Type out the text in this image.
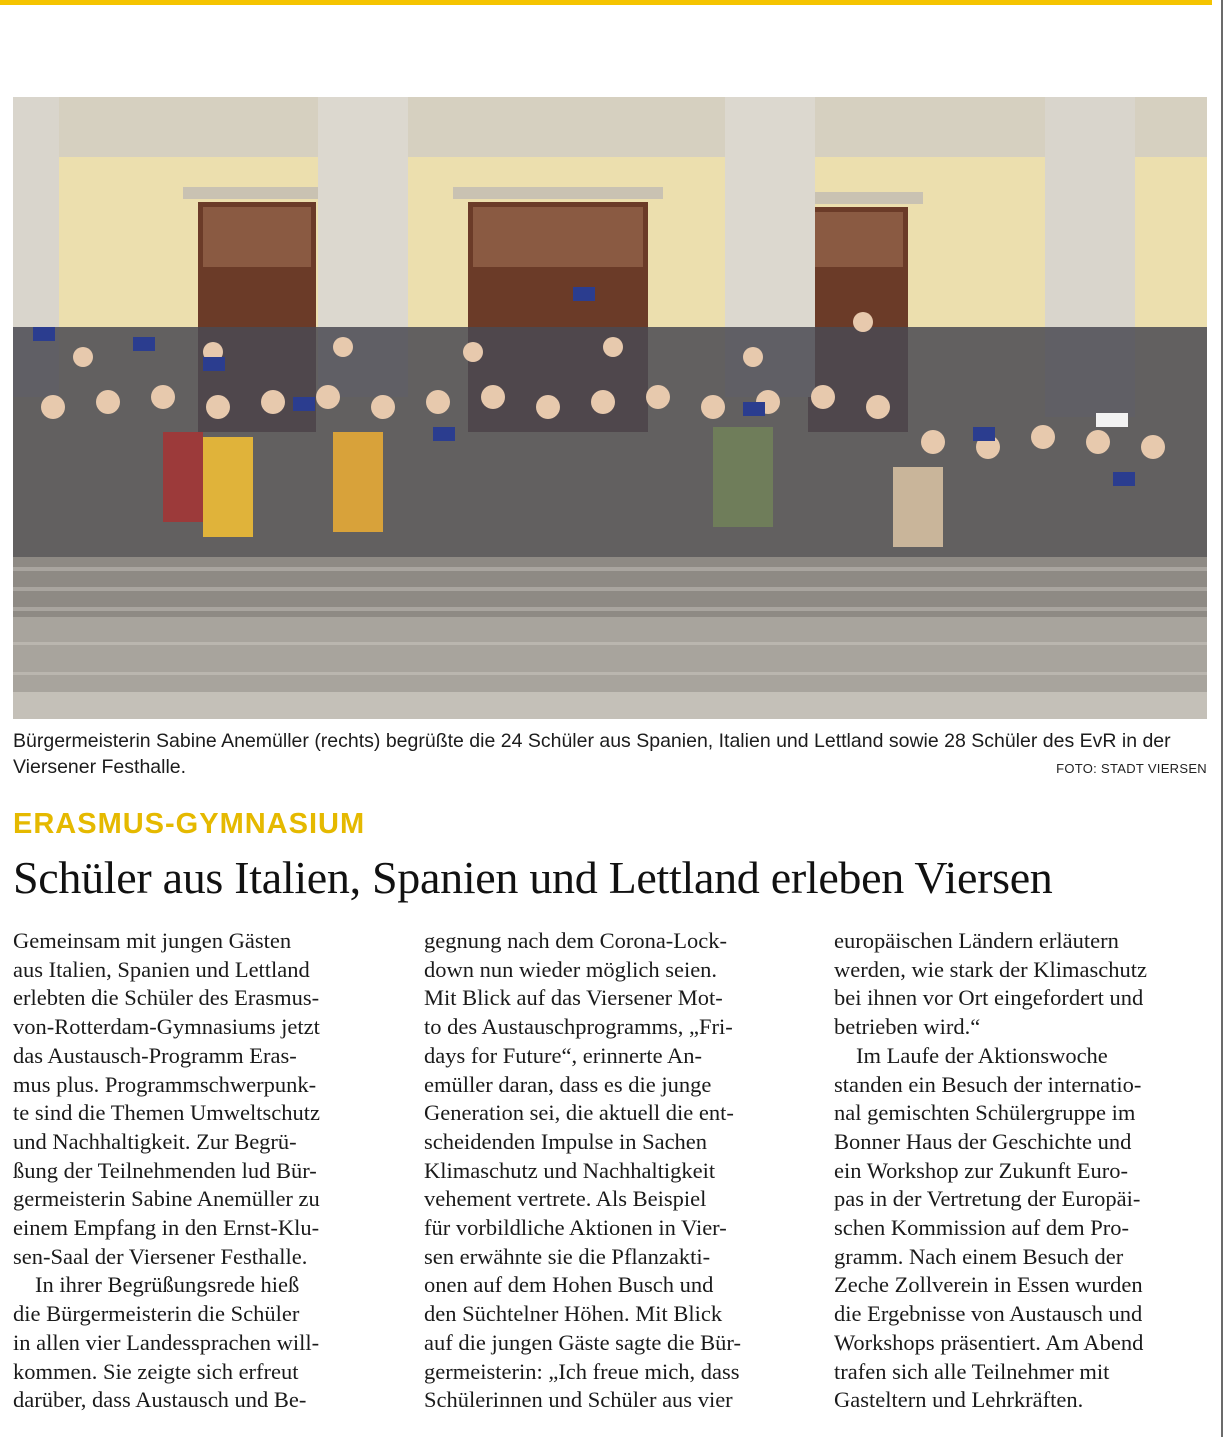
Bürgermeisterin Sabine Anemüller (rechts) begrüßte die 24 Schüler aus Spanien, Italien und Lettland sowie 28 Schüler des EvR in der Viersener Festhalle.	FOTO: STADT VIERSEN
ERASMUS-GYMNASIUM
Schüler aus Italien, Spanien und Lettland erleben Viersen
Gemeinsam mit jungen Gästen
aus Italien, Spanien und Lettland
erlebten die Schüler des Erasmus-
von-Rotterdam-Gymnasiums jetzt
das Austausch-Programm Eras-
mus plus. Programmschwerpunk-
te sind die Themen Umweltschutz
und Nachhaltigkeit. Zur Begrü-
ßung der Teilnehmenden lud Bür-
germeisterin Sabine Anemüller zu
einem Empfang in den Ernst-Klu-
sen-Saal der Viersener Festhalle.
In ihrer Begrüßungsrede hieß
die Bürgermeisterin die Schüler
in allen vier Landessprachen will-
kommen. Sie zeigte sich erfreut
darüber, dass Austausch und Be-
gegnung nach dem Corona-Lock-
down nun wieder möglich seien.
Mit Blick auf das Viersener Mot-
to des Austauschprogramms, „Fri-
days for Future“, erinnerte An-
emüller daran, dass es die junge
Generation sei, die aktuell die ent-
scheidenden Impulse in Sachen
Klimaschutz und Nachhaltigkeit
vehement vertrete. Als Beispiel
für vorbildliche Aktionen in Vier-
sen erwähnte sie die Pflanzakti-
onen auf dem Hohen Busch und
den Süchtelner Höhen. Mit Blick
auf die jungen Gäste sagte die Bür-
germeisterin: „Ich freue mich, dass
Schülerinnen und Schüler aus vier
europäischen Ländern erläutern
werden, wie stark der Klimaschutz
bei ihnen vor Ort eingefordert und
betrieben wird.“
Im Laufe der Aktionswoche
standen ein Besuch der internatio-
nal gemischten Schülergruppe im
Bonner Haus der Geschichte und
ein Workshop zur Zukunft Euro-
pas in der Vertretung der Europäi-
schen Kommission auf dem Pro-
gramm. Nach einem Besuch der
Zeche Zollverein in Essen wurden
die Ergebnisse von Austausch und
Workshops präsentiert. Am Abend
trafen sich alle Teilnehmer mit
Gasteltern und Lehrkräften.
